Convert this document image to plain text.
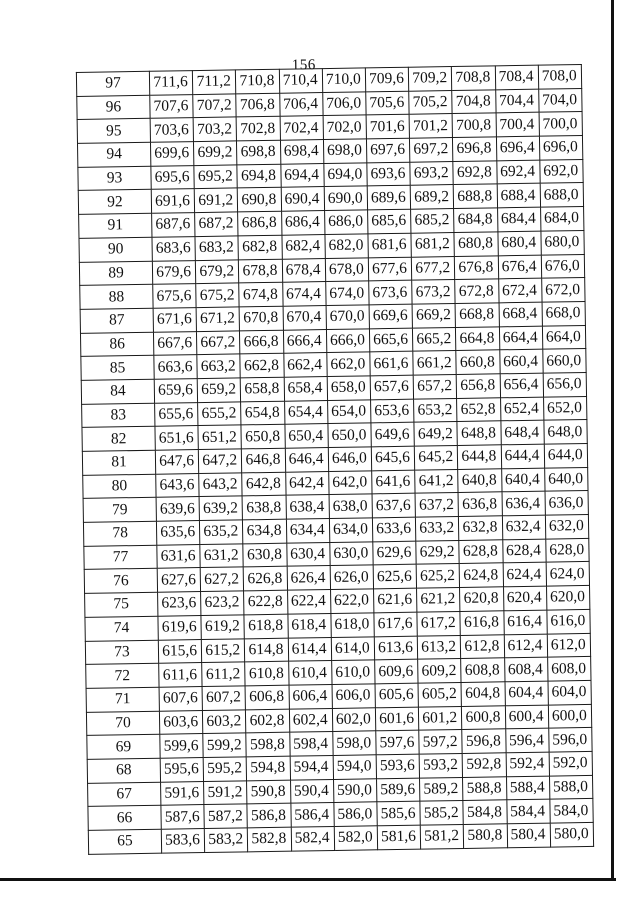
156
97	711,6	711,2	710,8	710,4	710,0	709,6	709,2	708,8	708,4	708,0
96	707,6	707,2	706,8	706,4	706,0	705,6	705,2	704,8	704,4	704,0
95	703,6	703,2	702,8	702,4	702,0	701,6	701,2	700,8	700,4	700,0
94	699,6	699,2	698,8	698,4	698,0	697,6	697,2	696,8	696,4	696,0
93	695,6	695,2	694,8	694,4	694,0	693,6	693,2	692,8	692,4	692,0
92	691,6	691,2	690,8	690,4	690,0	689,6	689,2	688,8	688,4	688,0
91	687,6	687,2	686,8	686,4	686,0	685,6	685,2	684,8	684,4	684,0
90	683,6	683,2	682,8	682,4	682,0	681,6	681,2	680,8	680,4	680,0
89	679,6	679,2	678,8	678,4	678,0	677,6	677,2	676,8	676,4	676,0
88	675,6	675,2	674,8	674,4	674,0	673,6	673,2	672,8	672,4	672,0
87	671,6	671,2	670,8	670,4	670,0	669,6	669,2	668,8	668,4	668,0
86	667,6	667,2	666,8	666,4	666,0	665,6	665,2	664,8	664,4	664,0
85	663,6	663,2	662,8	662,4	662,0	661,6	661,2	660,8	660,4	660,0
84	659,6	659,2	658,8	658,4	658,0	657,6	657,2	656,8	656,4	656,0
83	655,6	655,2	654,8	654,4	654,0	653,6	653,2	652,8	652,4	652,0
82	651,6	651,2	650,8	650,4	650,0	649,6	649,2	648,8	648,4	648,0
81	647,6	647,2	646,8	646,4	646,0	645,6	645,2	644,8	644,4	644,0
80	643,6	643,2	642,8	642,4	642,0	641,6	641,2	640,8	640,4	640,0
79	639,6	639,2	638,8	638,4	638,0	637,6	637,2	636,8	636,4	636,0
78	635,6	635,2	634,8	634,4	634,0	633,6	633,2	632,8	632,4	632,0
77	631,6	631,2	630,8	630,4	630,0	629,6	629,2	628,8	628,4	628,0
76	627,6	627,2	626,8	626,4	626,0	625,6	625,2	624,8	624,4	624,0
75	623,6	623,2	622,8	622,4	622,0	621,6	621,2	620,8	620,4	620,0
74	619,6	619,2	618,8	618,4	618,0	617,6	617,2	616,8	616,4	616,0
73	615,6	615,2	614,8	614,4	614,0	613,6	613,2	612,8	612,4	612,0
72	611,6	611,2	610,8	610,4	610,0	609,6	609,2	608,8	608,4	608,0
71	607,6	607,2	606,8	606,4	606,0	605,6	605,2	604,8	604,4	604,0
70	603,6	603,2	602,8	602,4	602,0	601,6	601,2	600,8	600,4	600,0
69	599,6	599,2	598,8	598,4	598,0	597,6	597,2	596,8	596,4	596,0
68	595,6	595,2	594,8	594,4	594,0	593,6	593,2	592,8	592,4	592,0
67	591,6	591,2	590,8	590,4	590,0	589,6	589,2	588,8	588,4	588,0
66	587,6	587,2	586,8	586,4	586,0	585,6	585,2	584,8	584,4	584,0
65	583,6	583,2	582,8	582,4	582,0	581,6	581,2	580,8	580,4	580,0
